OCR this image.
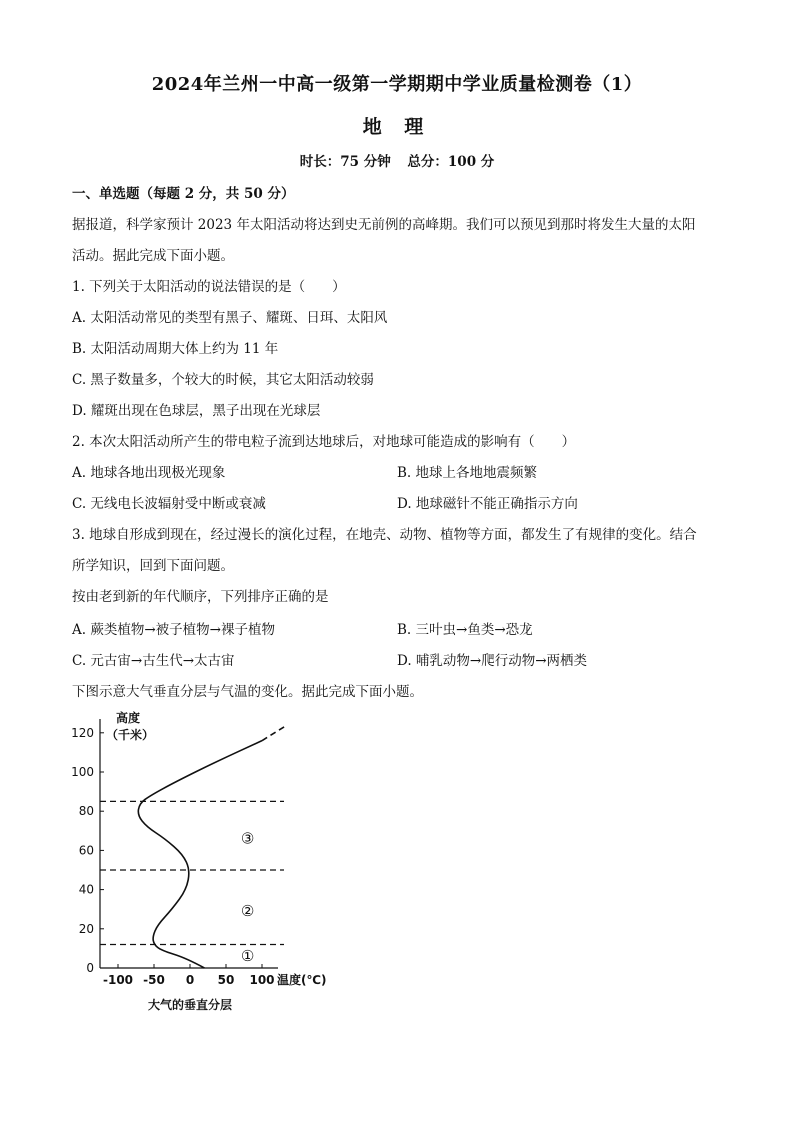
2024年兰州一中高一级第一学期期中学业质量检测卷（1）
地 理
时长：75 分钟 总分：100 分
一、单选题（每题 2 分，共 50 分）
据报道，科学家预计 2023 年太阳活动将达到史无前例的高峰期。我们可以预见到那时将发生大量的太阳
活动。据此完成下面小题。
1. 下列关于太阳活动的说法错误的是（　　）
A. 太阳活动常见的类型有黑子、耀斑、日珥、太阳风
B. 太阳活动周期大体上约为 11 年
C. 黑子数量多，个较大的时候，其它太阳活动较弱
D. 耀斑出现在色球层，黑子出现在光球层
2. 本次太阳活动所产生的带电粒子流到达地球后，对地球可能造成的影响有（　　）
A. 地球各地出现极光现象	B. 地球上各地地震频繁
C. 无线电长波辐射受中断或衰减	D. 地球磁针不能正确指示方向
3. 地球自形成到现在，经过漫长的演化过程，在地壳、动物、植物等方面，都发生了有规律的变化。结合
所学知识，回到下面问题。
按由老到新的年代顺序，下列排序正确的是
A. 蕨类植物→被子植物→裸子植物	B. 三叶虫→鱼类→恐龙
C. 元古宙→古生代→太古宙	D. 哺乳动物→爬行动物→两栖类
下图示意大气垂直分层与气温的变化。据此完成下面小题。
0
20
40
60
80
100
120
-100 -50 0 50 100
①
②
③
高度
（千米）
温度(℃)
大气的垂直分层
